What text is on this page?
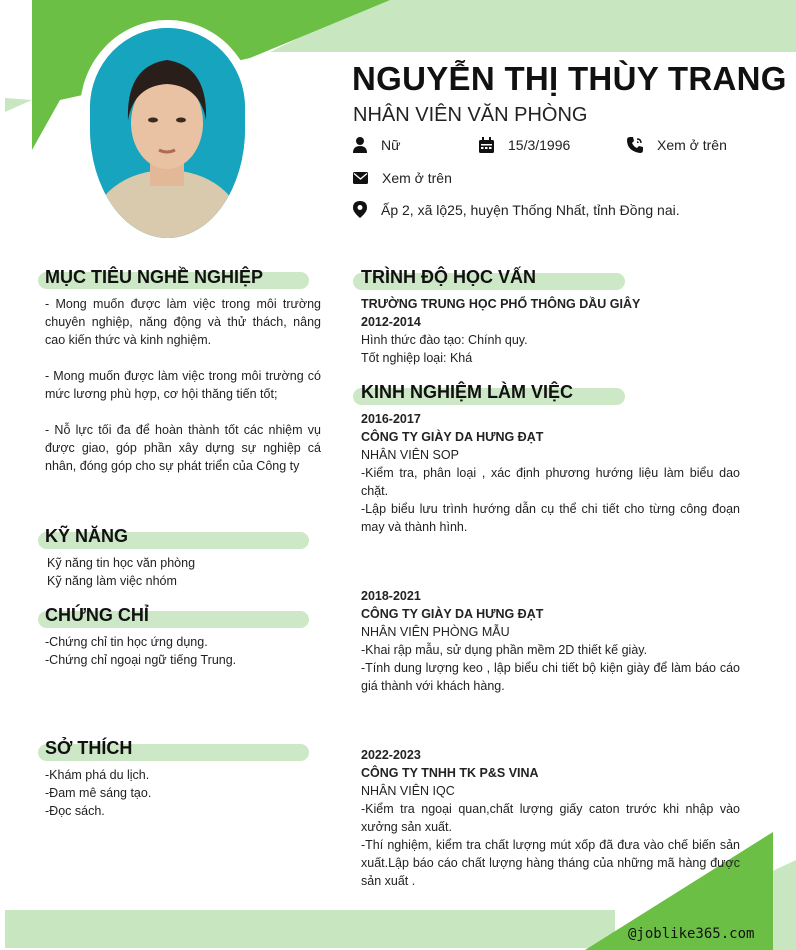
NGUYỄN THỊ THÙY TRANG
NHÂN VIÊN VĂN PHÒNG
Nữ	15/3/1996	Xem ở trên
Xem ở trên
Ấp 2, xã lộ25, huyện Thống Nhất, tỉnh Đồng nai.
MỤC TIÊU NGHỀ NGHIỆP

- Mong muốn được làm việc trong môi trường chuyên nghiệp, năng động và thử thách, nâng cao kiến thức và kinh nghiệm.

- Mong muốn được làm việc trong môi trường có mức lương phù hợp, cơ hội thăng tiến tốt;

- Nỗ lực tối đa để hoàn thành tốt các nhiệm vụ được giao, góp phần xây dựng sự nghiệp cá nhân, đóng góp cho sự phát triển của Công ty

KỸ NĂNG

Kỹ năng tin học văn phòng

Kỹ năng làm việc nhóm

CHỨNG CHỈ

-Chứng chỉ tin học ứng dụng.

-Chứng chỉ ngoại ngữ tiếng Trung.

SỞ THÍCH

-Khám phá du lịch.

-Đam mê sáng tạo.

-Đọc sách.

TRÌNH ĐỘ HỌC VẤN

TRƯỜNG TRUNG HỌC PHỔ THÔNG DẦU GIÂY

2012-2014

Hình thức đào tạo: Chính quy.

Tốt nghiệp loại: Khá

KINH NGHIỆM LÀM VIỆC

2016-2017

CÔNG TY GIÀY DA HƯNG ĐẠT

NHÂN VIÊN SOP

-Kiểm tra, phân loại , xác định phương hướng liệu làm biểu dao chặt.

-Lập biểu lưu trình hướng dẫn cụ thể chi tiết cho từng công đoạn may và thành hình.

2018-2021

CÔNG TY GIÀY DA HƯNG ĐẠT

NHÂN VIÊN PHÒNG MẪU

-Khai rập mẫu, sử dụng phần mềm 2D thiết kế giày.

-Tính dung lượng keo , lập biểu chi tiết bộ kiện giày để làm báo cáo giá thành với khách hàng.

2022-2023

CÔNG TY TNHH TK P&S VINA

NHÂN VIÊN IQC

-Kiểm tra ngoại quan,chất lượng giấy caton trước khi nhập vào xưởng sản xuất.

-Thí nghiệm, kiểm tra chất lượng mút xốp đã đưa vào chế biến sản xuất.Lập báo cáo chất lượng hàng tháng của những mã hàng được sản xuất .

@joblike365.com
